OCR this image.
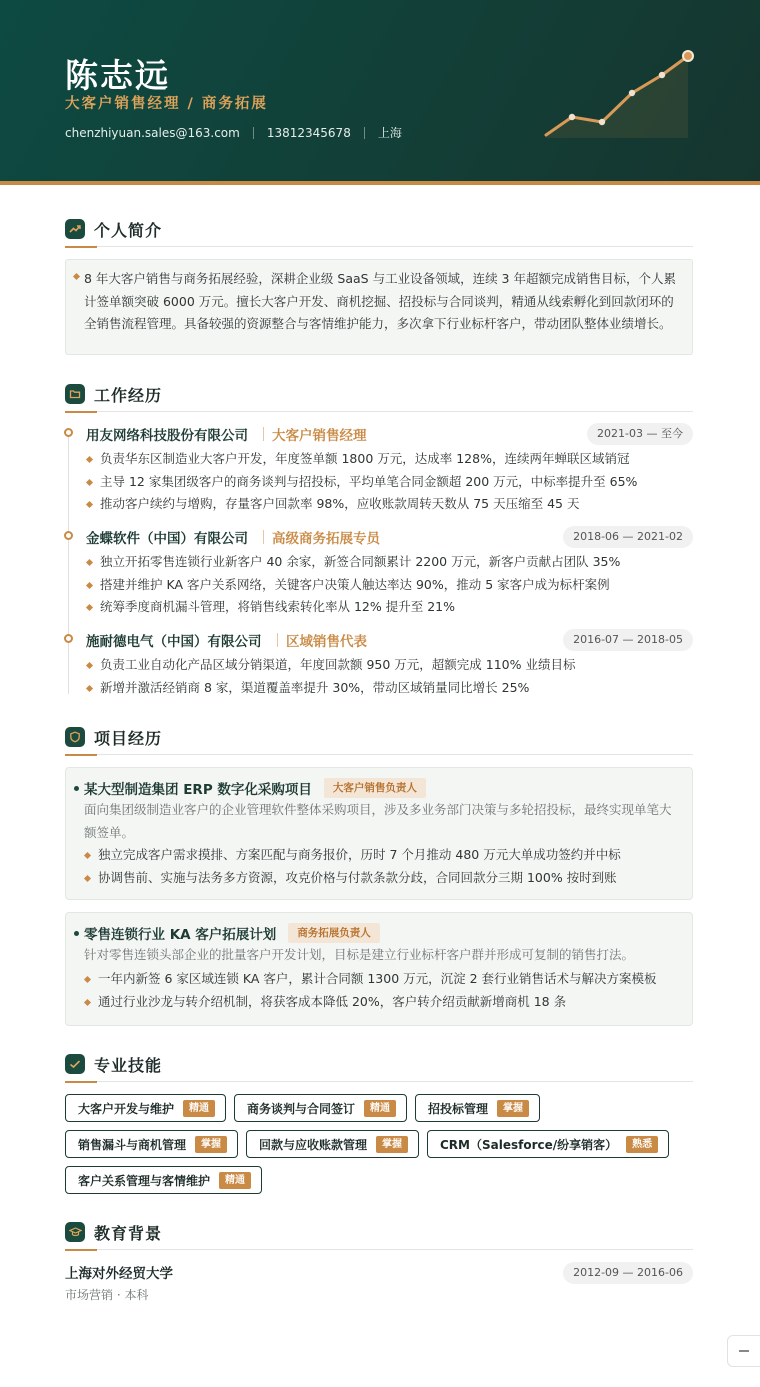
陈志远
大客户销售经理 / 商务拓展
chenzhiyuan.sales@163.com 13812345678 上海
个人简介
8 年大客户销售与商务拓展经验，深耕企业级 SaaS 与工业设备领域，连续 3 年超额完成销售目标，个人累计签单额突破 6000 万元。擅长大客户开发、商机挖掘、招投标与合同谈判，精通从线索孵化到回款闭环的全销售流程管理。具备较强的资源整合与客情维护能力，多次拿下行业标杆客户，带动团队整体业绩增长。
工作经历
用友网络科技股份有限公司 大客户销售经理	2021-03 — 至今
负责华东区制造业大客户开发，年度签单额 1800 万元，达成率 128%，连续两年蝉联区域销冠
主导 12 家集团级客户的商务谈判与招投标，平均单笔合同金额超 200 万元，中标率提升至 65%
推动客户续约与增购，存量客户回款率 98%，应收账款周转天数从 75 天压缩至 45 天
金蝶软件（中国）有限公司 高级商务拓展专员	2018-06 — 2021-02
独立开拓零售连锁行业新客户 40 余家，新签合同额累计 2200 万元，新客户贡献占团队 35%
搭建并维护 KA 客户关系网络，关键客户决策人触达率达 90%，推动 5 家客户成为标杆案例
统筹季度商机漏斗管理，将销售线索转化率从 12% 提升至 21%
施耐德电气（中国）有限公司 区域销售代表	2016-07 — 2018-05
负责工业自动化产品区域分销渠道，年度回款额 950 万元，超额完成 110% 业绩目标
新增并激活经销商 8 家，渠道覆盖率提升 30%，带动区域销量同比增长 25%
项目经历
某大型制造集团 ERP 数字化采购项目	大客户销售负责人
面向集团级制造业客户的企业管理软件整体采购项目，涉及多业务部门决策与多轮招投标，最终实现单笔大额签单。
独立完成客户需求摸排、方案匹配与商务报价，历时 7 个月推动 480 万元大单成功签约并中标
协调售前、实施与法务多方资源，攻克价格与付款条款分歧，合同回款分三期 100% 按时到账
零售连锁行业 KA 客户拓展计划	商务拓展负责人
针对零售连锁头部企业的批量客户开发计划，目标是建立行业标杆客户群并形成可复制的销售打法。
一年内新签 6 家区域连锁 KA 客户，累计合同额 1300 万元，沉淀 2 套行业销售话术与解决方案模板
通过行业沙龙与转介绍机制，将获客成本降低 20%，客户转介绍贡献新增商机 18 条
专业技能
大客户开发与维护	精通	商务谈判与合同签订	精通	招投标管理	掌握
销售漏斗与商机管理	掌握	回款与应收账款管理	掌握	CRM（Salesforce/纷享销客）	熟悉
客户关系管理与客情维护	精通
教育背景
上海对外经贸大学	2012-09 — 2016-06
市场营销 · 本科
